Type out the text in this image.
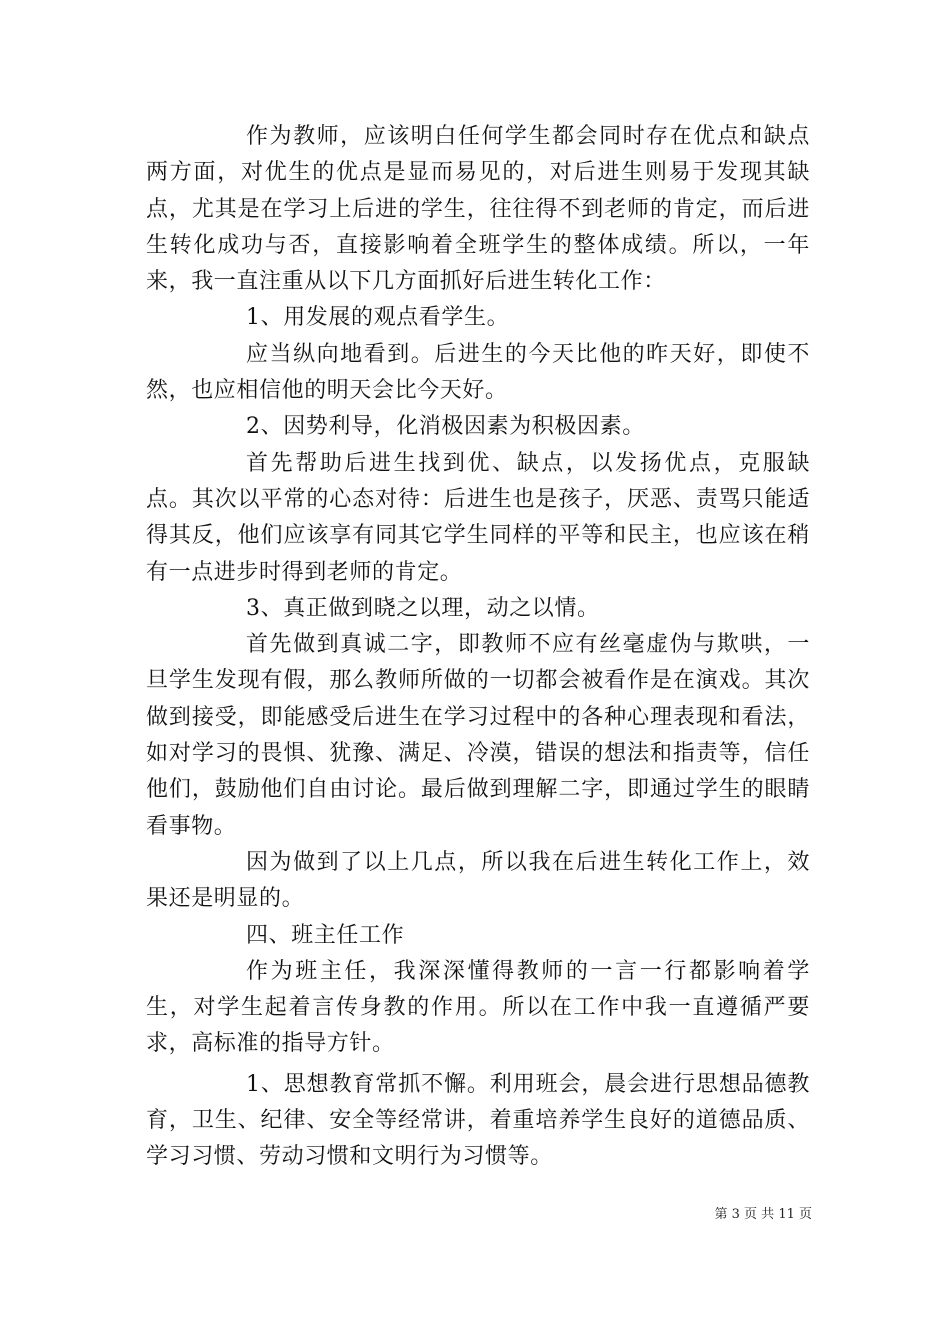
作为教师，应该明白任何学生都会同时存在优点和缺点两方面，对优生的优点是显而易见的，对后进生则易于发现其缺点，尤其是在学习上后进的学生，往往得不到老师的肯定，而后进生转化成功与否，直接影响着全班学生的整体成绩。所以，一年来，我一直注重从以下几方面抓好后进生转化工作：

1、用发展的观点看学生。

应当纵向地看到。后进生的今天比他的昨天好，即使不然，也应相信他的明天会比今天好。

2、因势利导，化消极因素为积极因素。

首先帮助后进生找到优、缺点，以发扬优点，克服缺点。其次以平常的心态对待：后进生也是孩子，厌恶、责骂只能适得其反，他们应该享有同其它学生同样的平等和民主，也应该在稍有一点进步时得到老师的肯定。

3、真正做到晓之以理，动之以情。

首先做到真诚二字，即教师不应有丝毫虚伪与欺哄，一旦学生发现有假，那么教师所做的一切都会被看作是在演戏。其次做到接受，即能感受后进生在学习过程中的各种心理表现和看法，如对学习的畏惧、犹豫、满足、冷漠，错误的想法和指责等，信任他们，鼓励他们自由讨论。最后做到理解二字，即通过学生的眼睛看事物。

因为做到了以上几点，所以我在后进生转化工作上，效果还是明显的。

四、班主任工作

作为班主任，我深深懂得教师的一言一行都影响着学生，对学生起着言传身教的作用。所以在工作中我一直遵循严要求，高标准的指导方针。

1、思想教育常抓不懈。利用班会，晨会进行思想品德教育，卫生、纪律、安全等经常讲，着重培养学生良好的道德品质、学习习惯、劳动习惯和文明行为习惯等。

第 3 页 共 11 页
